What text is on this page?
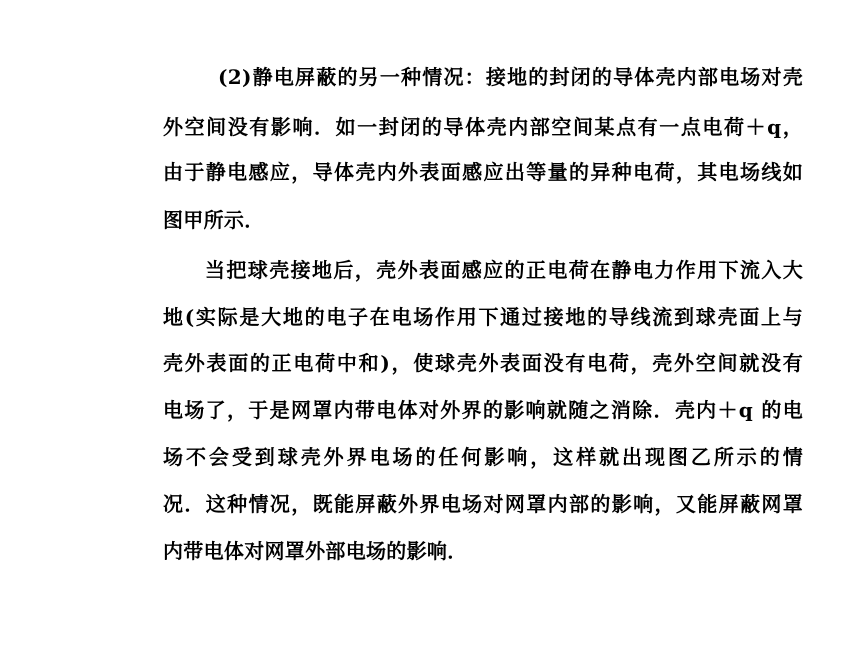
(2)静电屏蔽的另一种情况：接地的封闭的导体壳内部电场对壳
外空间没有影响．如一封闭的导体壳内部空间某点有一点电荷＋q，
由于静电感应，导体壳内外表面感应出等量的异种电荷，其电场线如
图甲所示．
当把球壳接地后，壳外表面感应的正电荷在静电力作用下流入大
地(实际是大地的电子在电场作用下通过接地的导线流到球壳面上与
壳外表面的正电荷中和)，使球壳外表面没有电荷，壳外空间就没有
电场了，于是网罩内带电体对外界的影响就随之消除．壳内＋q 的电
场不会受到球壳外界电场的任何影响，这样就出现图乙所示的情
况．这种情况，既能屏蔽外界电场对网罩内部的影响，又能屏蔽网罩
内带电体对网罩外部电场的影响．
